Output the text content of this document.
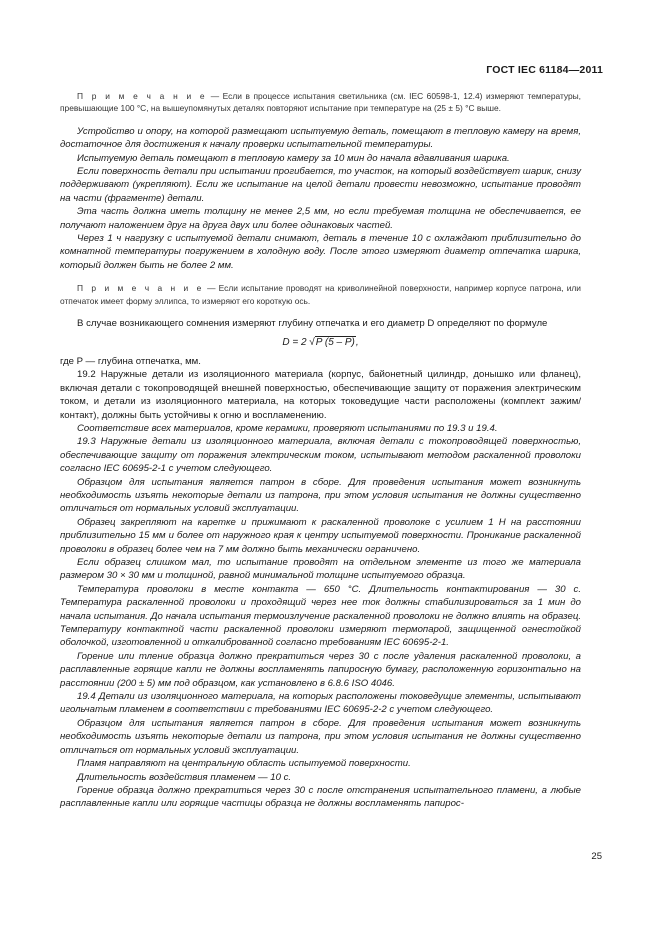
ГОСТ IEC 61184—2011

П р и м е ч а н и е — Если в процессе испытания светильника (см. IEC 60598-1, 12.4) измеряют температуры, превышающие 100 °С, на вышеупомянутых деталях повторяют испытание при температуре на (25 ± 5) °С выше.

Устройство и опору, на которой размещают испытуемую деталь, помещают в тепловую камеру на время, достаточное для достижения к началу проверки испытательной температуры.

Испытуемую деталь помещают в тепловую камеру за 10 мин до начала вдавливания шарика.

Если поверхность детали при испытании прогибается, то участок, на который воздействует шарик, снизу поддерживают (укрепляют). Если же испытание на целой детали провести невозможно, испытание проводят на части (фрагменте) детали.

Эта часть должна иметь толщину не менее 2,5 мм, но если требуемая толщина не обеспечивается, ее получают наложением друг на друга двух или более одинаковых частей.

Через 1 ч нагрузку с испытуемой детали снимают, деталь в течение 10 с охлаждают приблизительно до комнатной температуры погружением в холодную воду. После этого измеряют диаметр отпечатка шарика, который должен быть не более 2 мм.

П р и м е ч а н и е — Если испытание проводят на криволинейной поверхности, например корпусе патрона, или отпечаток имеет форму эллипса, то измеряют его короткую ось.

В случае возникающего сомнения измеряют глубину отпечатка и его диаметр D определяют по формуле

D = 2 √P (5 – P),

где P — глубина отпечатка, мм.

19.2 Наружные детали из изоляционного материала (корпус, байонетный цилиндр, донышко или фланец), включая детали с токопроводящей внешней поверхностью, обеспечивающие защиту от поражения электрическим током, и детали из изоляционного материала, на которых токоведущие части расположены (комплект зажим/контакт), должны быть устойчивы к огню и воспламенению.

Соответствие всех материалов, кроме керамики, проверяют испытаниями по 19.3 и 19.4.

19.3 Наружные детали из изоляционного материала, включая детали с токопроводящей поверхностью, обеспечивающие защиту от поражения электрическим током, испытывают методом раскаленной проволоки согласно IEC 60695-2-1 с учетом следующего.

Образцом для испытания является патрон в сборе. Для проведения испытания может возникнуть необходимость изъять некоторые детали из патрона, при этом условия испытания не должны существенно отличаться от нормальных условий эксплуатации.

Образец закрепляют на каретке и прижимают к раскаленной проволоке с усилием 1 Н на расстоянии приблизительно 15 мм и более от наружного края к центру испытуемой поверхности. Проникание раскаленной проволоки в образец более чем на 7 мм должно быть механически ограничено.

Если образец слишком мал, то испытание проводят на отдельном элементе из того же материала размером 30 × 30 мм и толщиной, равной минимальной толщине испытуемого образца.

Температура проволоки в месте контакта — 650 °С. Длительность контактирования — 30 с. Температура раскаленной проволоки и проходящий через нее ток должны стабилизироваться за 1 мин до начала испытания. До начала испытания термоизлучение раскаленной проволоки не должно влиять на образец. Температуру контактной части раскаленной проволоки измеряют термопарой, защищенной огнестойкой оболочкой, изготовленной и откалиброванной согласно требованиям IEC 60695-2-1.

Горение или тление образца должно прекратиться через 30 с после удаления раскаленной проволоки, а расплавленные горящие капли не должны воспламенять папиросную бумагу, расположенную горизонтально на расстоянии (200 ± 5) мм под образцом, как установлено в 6.8.6 ISO 4046.

19.4 Детали из изоляционного материала, на которых расположены токоведущие элементы, испытывают игольчатым пламенем в соответствии с требованиями IEC 60695-2-2 с учетом следующего.

Образцом для испытания является патрон в сборе. Для проведения испытания может возникнуть необходимость изъять некоторые детали из патрона, при этом условия испытания не должны существенно отличаться от нормальных условий эксплуатации.

Пламя направляют на центральную область испытуемой поверхности.

Длительность воздействия пламенем — 10 с.

Горение образца должно прекратиться через 30 с после отстранения испытательного пламени, а любые расплавленные капли или горящие частицы образца не должны воспламенять папирос-

25
